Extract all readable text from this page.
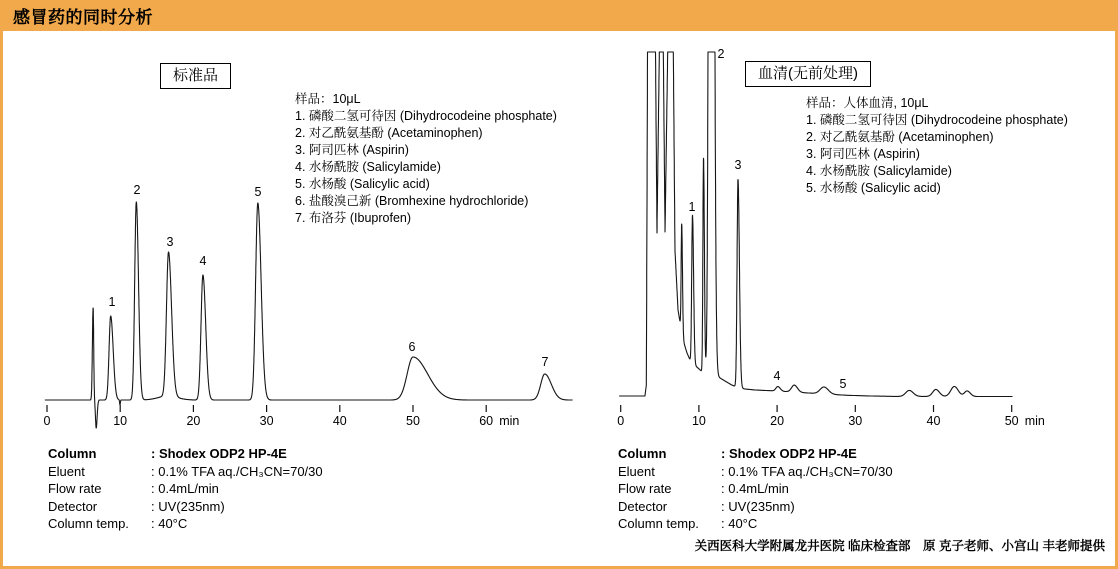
感冒药的同时分析
0	10	20	30	40	50	60 min
1
2
3
4
5
6
7
0	10	20	30	40	50 min
1
2
3
4
5
标准品	血清(无前处理)
样品：10μL
1. 磷酸二氢可待因 (Dihydrocodeine phosphate)
2. 对乙酰氨基酚 (Acetaminophen)
3. 阿司匹林 (Aspirin)
4. 水杨酰胺 (Salicylamide)
5. 水杨酸 (Salicylic acid)
6. 盐酸溴己新 (Bromhexine hydrochloride)
7. 布洛芬 (Ibuprofen)
样品：人体血清, 10μL
1. 磷酸二氢可待因 (Dihydrocodeine phosphate)
2. 对乙酰氨基酚 (Acetaminophen)
3. 阿司匹林 (Aspirin)
4. 水杨酰胺 (Salicylamide)
5. 水杨酸 (Salicylic acid)
Column	: Shodex ODP2 HP-4E
Eluent	: 0.1% TFA aq./CH₃CN=70/30
Flow rate	: 0.4mL/min
Detector	: UV(235nm)
Column temp. : 40°C
Column	: Shodex ODP2 HP-4E
Eluent	: 0.1% TFA aq./CH₃CN=70/30
Flow rate	: 0.4mL/min
Detector	: UV(235nm)
Column temp. : 40°C
关西医科大学附属龙井医院 临床检查部　原 克子老师、小宫山 丰老师提供
